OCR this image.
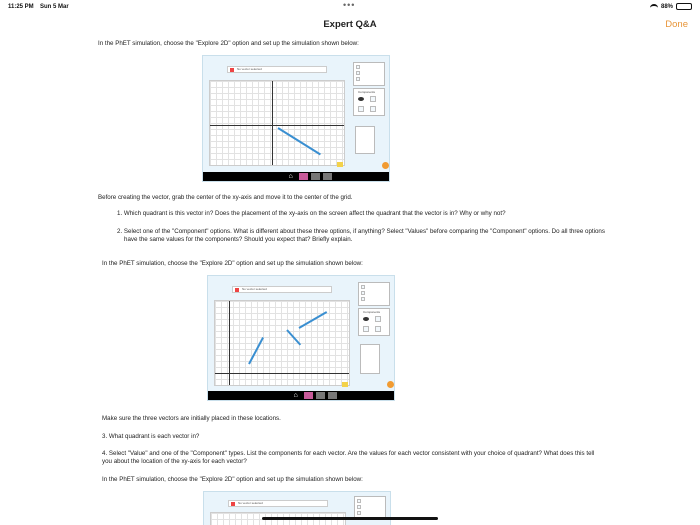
11:25 PM Sun 5 Mar	•••	88%
Expert Q&A	Done
In the PhET simulation, choose the "Explore 2D" option and set up the simulation shown below:
No vector selected
Components
⌂
Before creating the vector, grab the center of the xy-axis and move it to the center of the grid.
1. Which quadrant is this vector in? Does the placement of the xy-axis on the screen affect the quadrant that the vector is in? Why or why not?
2. Select one of the "Component" options. What is different about these three options, if anything? Select "Values" before comparing the "Component" options. Do all three options have the same values for the components? Should you expect that? Briefly explain.
In the PhET simulation, choose the "Explore 2D" option and set up the simulation shown below:
No vector selected
Components
⌂
Make sure the three vectors are initially placed in these locations.
3. What quadrant is each vector in?
4. Select "Value" and one of the "Component" types. List the components for each vector. Are the values for each vector consistent with your choice of quadrant? What does this tell you about the location of the xy-axis for each vector?
In the PhET simulation, choose the "Explore 2D" option and set up the simulation shown below:
No vector selected
